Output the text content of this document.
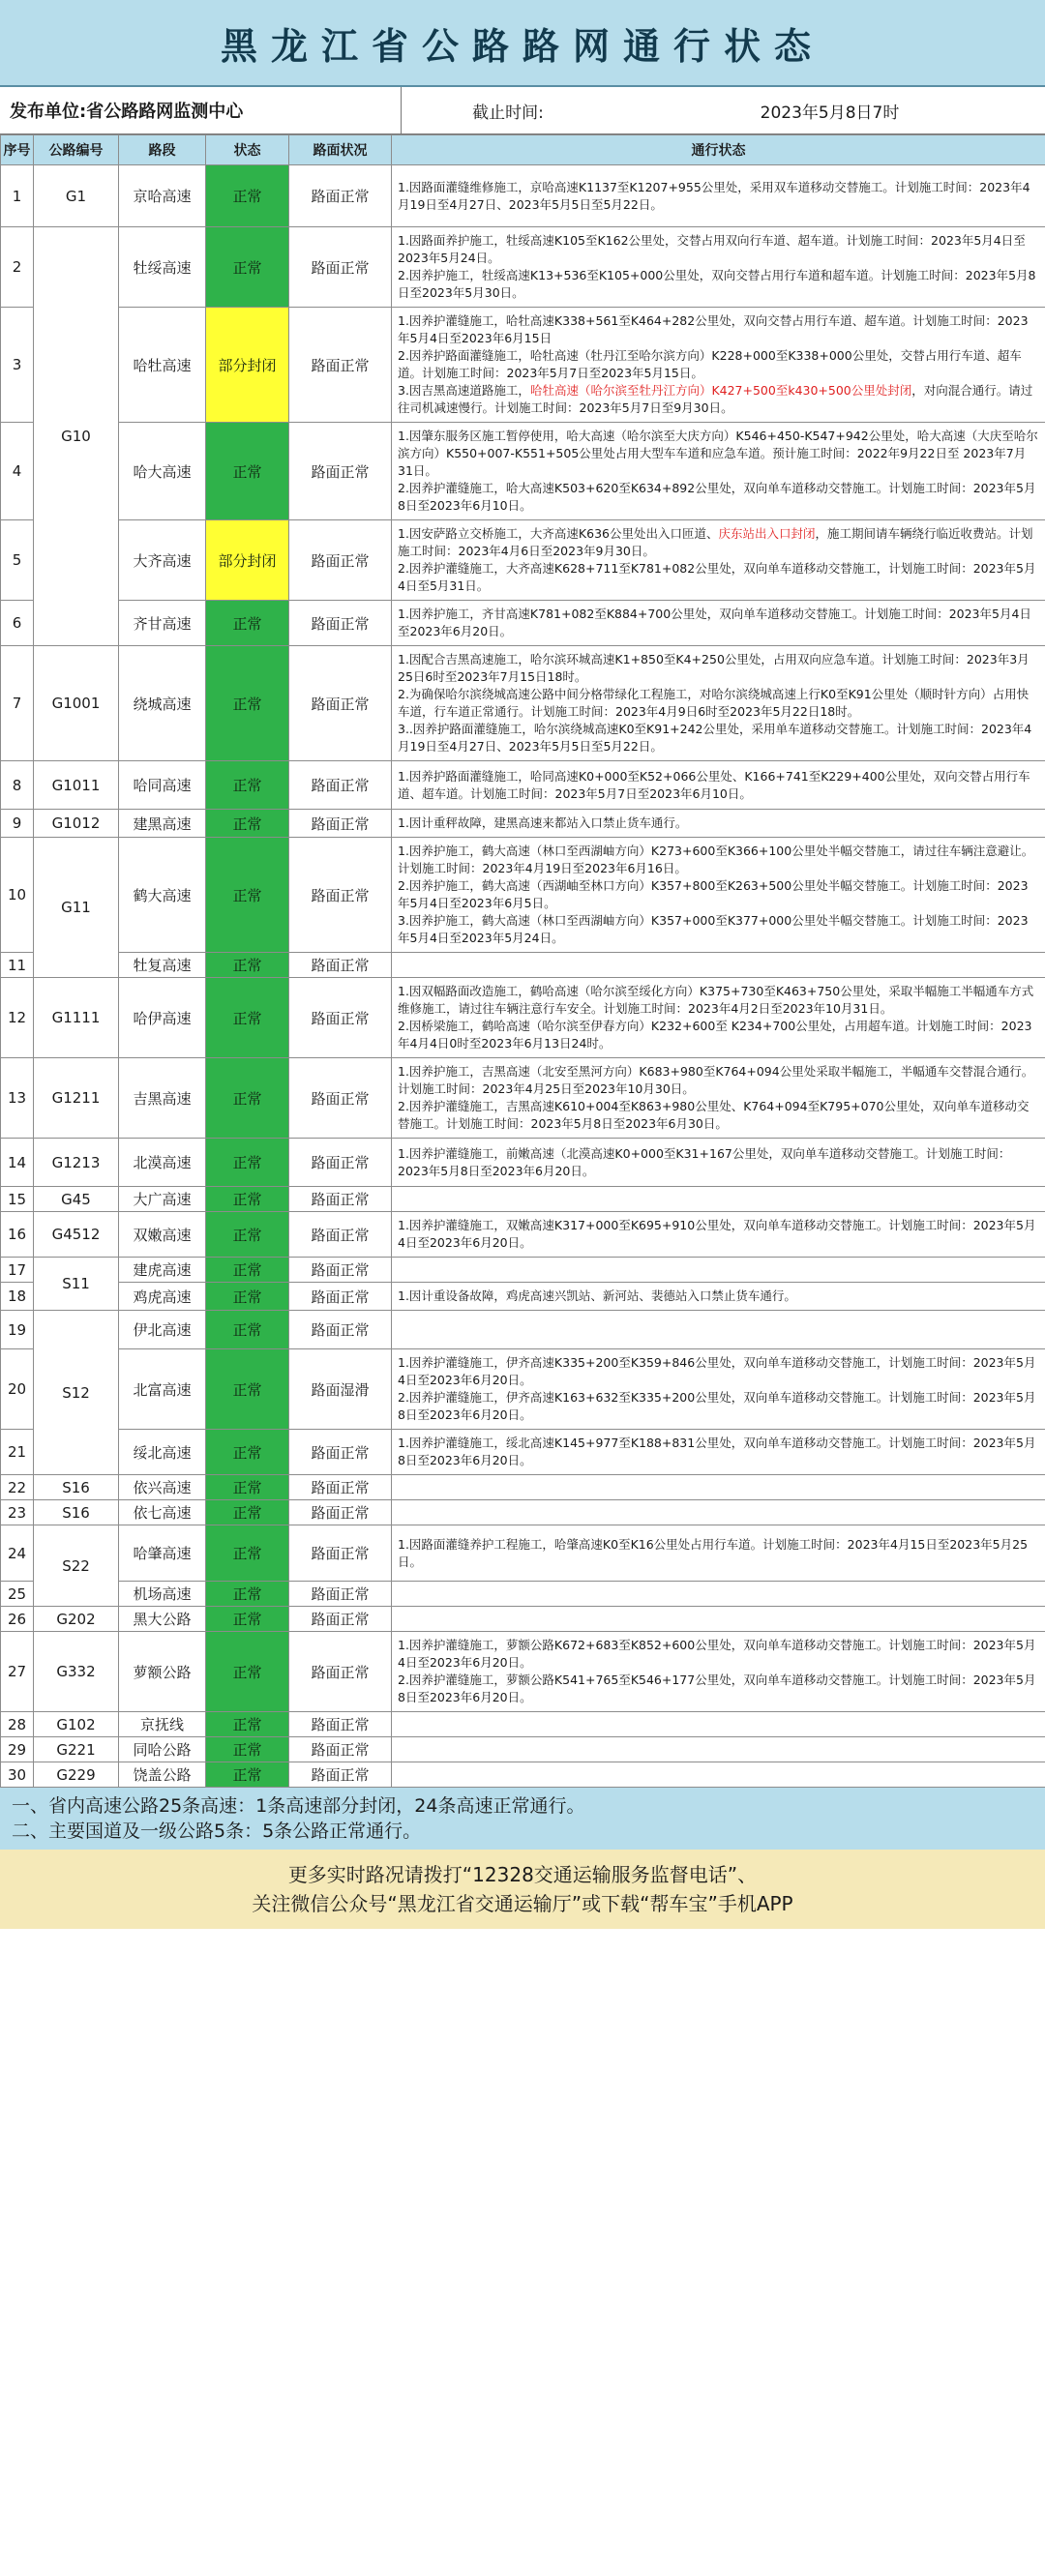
黑龙江省公路路网通行状态
发布单位:省公路路网监测中心	截止时间:	2023年5月8日7时
序号	公路编号	路段	状态	路面状况	通行状态
1	G1	京哈高速	正常	路面正常	1.因路面灌缝维修施工，京哈高速K1137至K1207+955公里处，采用双车道移动交替施工。计划施工时间：2023年4月19日至4月27日、2023年5月5日至5月22日。

2	G10	牡绥高速	正常	路面正常	1.因路面养护施工，牡绥高速K105至K162公里处，交替占用双向行车道、超车道。计划施工时间：2023年5月4日至2023年5月24日。
2.因养护施工，牡绥高速K13+536至K105+000公里处，双向交替占用行车道和超车道。计划施工时间：2023年5月8日至2023年5月30日。

3		哈牡高速	部分封闭	路面正常	1.因养护灌缝施工，哈牡高速K338+561至K464+282公里处，双向交替占用行车道、超车道。计划施工时间：2023年5月4日至2023年6月15日
2.因养护路面灌缝施工，哈牡高速（牡丹江至哈尔滨方向）K228+000至K338+000公里处，交替占用行车道、超车道。计划施工时间：2023年5月7日至2023年5月15日。
3.因吉黑高速道路施工，哈牡高速（哈尔滨至牡丹江方向）K427+500至k430+500公里处封闭，对向混合通行。请过往司机减速慢行。计划施工时间：2023年5月7日至9月30日。

4		哈大高速	正常	路面正常	1.因肇东服务区施工暂停使用，哈大高速（哈尔滨至大庆方向）K546+450-K547+942公里处，哈大高速（大庆至哈尔滨方向）K550+007-K551+505公里处占用大型车车道和应急车道。预计施工时间：2022年9月22日至 2023年7月31日。
2.因养护灌缝施工，哈大高速K503+620至K634+892公里处，双向单车道移动交替施工。计划施工时间：2023年5月8日至2023年6月10日。

5		大齐高速	部分封闭	路面正常	1.因安萨路立交桥施工，大齐高速K636公里处出入口匝道、庆东站出入口封闭，施工期间请车辆绕行临近收费站。计划施工时间：2023年4月6日至2023年9月30日。
2.因养护灌缝施工，大齐高速K628+711至K781+082公里处，双向单车道移动交替施工，计划施工时间：2023年5月4日至5月31日。

6		齐甘高速	正常	路面正常	1.因养护施工，齐甘高速K781+082至K884+700公里处，双向单车道移动交替施工。计划施工时间：2023年5月4日至2023年6月20日。

7	G1001	绕城高速	正常	路面正常	1.因配合吉黑高速施工，哈尔滨环城高速K1+850至K4+250公里处，占用双向应急车道。计划施工时间：2023年3月25日6时至2023年7月15日18时。
2.为确保哈尔滨绕城高速公路中间分格带绿化工程施工，对哈尔滨绕城高速上行K0至K91公里处（顺时针方向）占用快车道，行车道正常通行。计划施工时间：2023年4月9日6时至2023年5月22日18时。
3..因养护路面灌缝施工，哈尔滨绕城高速K0至K91+242公里处，采用单车道移动交替施工。计划施工时间：2023年4月19日至4月27日、2023年5月5日至5月22日。

8	G1011	哈同高速	正常	路面正常	1.因养护路面灌缝施工，哈同高速K0+000至K52+066公里处、K166+741至K229+400公里处，双向交替占用行车道、超车道。计划施工时间：2023年5月7日至2023年6月10日。

9	G1012	建黑高速	正常	路面正常	1.因计重秤故障，建黑高速来都站入口禁止货车通行。

10	G11	鹤大高速	正常	路面正常	1.因养护施工，鹤大高速（林口至西湖岫方向）K273+600至K366+100公里处半幅交替施工，请过往车辆注意避让。计划施工时间：2023年4月19日至2023年6月16日。
2.因养护施工，鹤大高速（西湖岫至林口方向）K357+800至K263+500公里处半幅交替施工。计划施工时间：2023年5月4日至2023年6月5日。
3.因养护施工，鹤大高速（林口至西湖岫方向）K357+000至K377+000公里处半幅交替施工。计划施工时间：2023年5月4日至2023年5月24日。

11		牡复高速	正常	路面正常	
12	G1111	哈伊高速	正常	路面正常	1.因双幅路面改造施工，鹤哈高速（哈尔滨至绥化方向）K375+730至K463+750公里处，采取半幅施工半幅通车方式维修施工，请过往车辆注意行车安全。计划施工时间：2023年4月2日至2023年10月31日。
2.因桥梁施工，鹤哈高速（哈尔滨至伊春方向）K232+600至 K234+700公里处，占用超车道。计划施工时间：2023年4月4日0时至2023年6月13日24时。

13	G1211	吉黑高速	正常	路面正常	1.因养护施工，吉黑高速（北安至黑河方向）K683+980至K764+094公里处采取半幅施工，半幅通车交替混合通行。计划施工时间：2023年4月25日至2023年10月30日。
2.因养护灌缝施工，吉黑高速K610+004至K863+980公里处、K764+094至K795+070公里处，双向单车道移动交替施工。计划施工时间：2023年5月8日至2023年6月30日。

14	G1213	北漠高速	正常	路面正常	1.因养护灌缝施工，前嫩高速（北漠高速K0+000至K31+167公里处，双向单车道移动交替施工。计划施工时间：2023年5月8日至2023年6月20日。

15	G45	大广高速	正常	路面正常	
16	G4512	双嫩高速	正常	路面正常	1.因养护灌缝施工，双嫩高速K317+000至K695+910公里处，双向单车道移动交替施工。计划施工时间：2023年5月4日至2023年6月20日。

17	S11	建虎高速	正常	路面正常	
18		鸡虎高速	正常	路面正常	1.因计重设备故障，鸡虎高速兴凯站、新河站、裴德站入口禁止货车通行。

19	S12	伊北高速	正常	路面正常	
20		北富高速	正常	路面湿滑	1.因养护灌缝施工，伊齐高速K335+200至K359+846公里处，双向单车道移动交替施工，计划施工时间：2023年5月4日至2023年6月20日。
2.因养护灌缝施工，伊齐高速K163+632至K335+200公里处，双向单车道移动交替施工。计划施工时间：2023年5月8日至2023年6月20日。

21		绥北高速	正常	路面正常	1.因养护灌缝施工，绥北高速K145+977至K188+831公里处，双向单车道移动交替施工。计划施工时间：2023年5月8日至2023年6月20日。

22	S16	依兴高速	正常	路面正常	
23	S16	依七高速	正常	路面正常	
24	S22	哈肇高速	正常	路面正常	1.因路面灌缝养护工程施工，哈肇高速K0至K16公里处占用行车道。计划施工时间：2023年4月15日至2023年5月25日。

25		机场高速	正常	路面正常	
26	G202	黑大公路	正常	路面正常	
27	G332	萝额公路	正常	路面正常	1.因养护灌缝施工，萝额公路K672+683至K852+600公里处，双向单车道移动交替施工。计划施工时间：2023年5月4日至2023年6月20日。
2.因养护灌缝施工，萝额公路K541+765至K546+177公里处，双向单车道移动交替施工。计划施工时间：2023年5月8日至2023年6月20日。

28	G102	京抚线	正常	路面正常	
29	G221	同哈公路	正常	路面正常	
30	G229	饶盖公路	正常	路面正常	
一、省内高速公路25条高速：1条高速部分封闭，24条高速正常通行。
二、主要国道及一级公路5条：5条公路正常通行。
更多实时路况请拨打“12328交通运输服务监督电话”、
关注微信公众号“黑龙江省交通运输厅”或下载“帮车宝”手机APP
